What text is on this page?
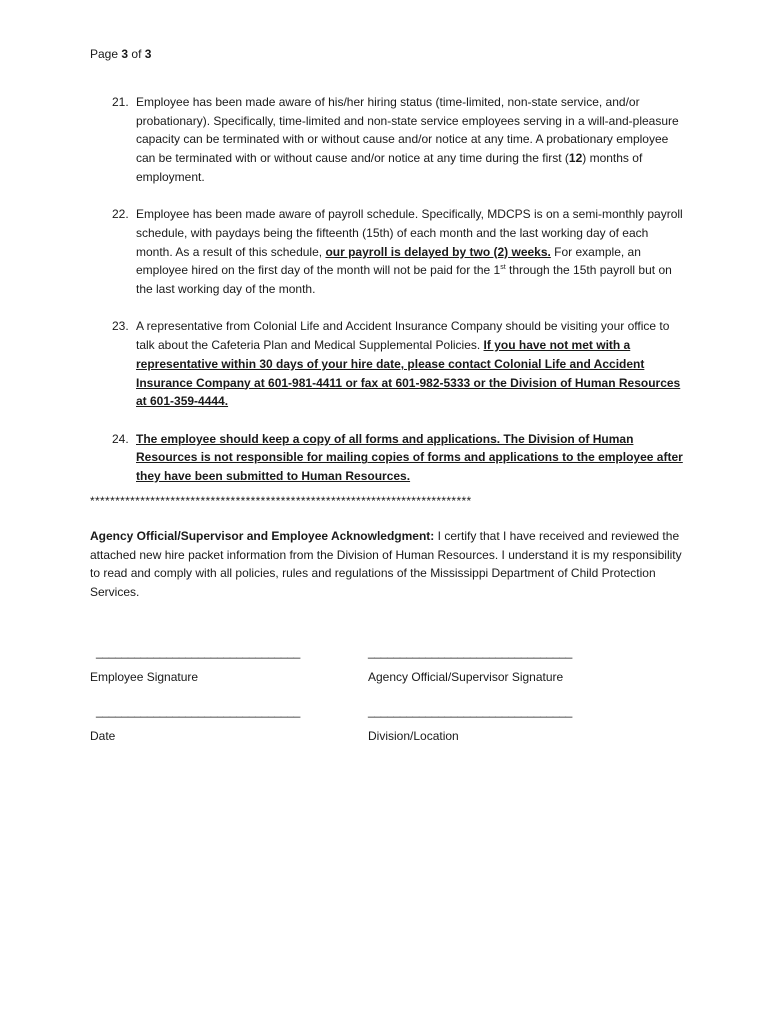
Page 3 of 3
21. Employee has been made aware of his/her hiring status (time-limited, non-state service, and/or probationary). Specifically, time-limited and non-state service employees serving in a will-and-pleasure capacity can be terminated with or without cause and/or notice at any time. A probationary employee can be terminated with or without cause and/or notice at any time during the first (12) months of employment.
22. Employee has been made aware of payroll schedule. Specifically, MDCPS is on a semi-monthly payroll schedule, with paydays being the fifteenth (15th) of each month and the last working day of each month. As a result of this schedule, our payroll is delayed by two (2) weeks. For example, an employee hired on the first day of the month will not be paid for the 1st through the 15th payroll but on the last working day of the month.
23. A representative from Colonial Life and Accident Insurance Company should be visiting your office to talk about the Cafeteria Plan and Medical Supplemental Policies. If you have not met with a representative within 30 days of your hire date, please contact Colonial Life and Accident Insurance Company at 601-981-4411 or fax at 601-982-5333 or the Division of Human Resources at 601-359-4444.
24. The employee should keep a copy of all forms and applications. The Division of Human Resources is not responsible for mailing copies of forms and applications to the employee after they have been submitted to Human Resources.
****************************************************************************
Agency Official/Supervisor and Employee Acknowledgment: I certify that I have received and reviewed the attached new hire packet information from the Division of Human Resources. I understand it is my responsibility to read and comply with all policies, rules and regulations of the Mississippi Department of Child Protection Services.
________________________________	________________________________
Employee Signature	Agency Official/Supervisor Signature
________________________________	________________________________
Date	Division/Location
